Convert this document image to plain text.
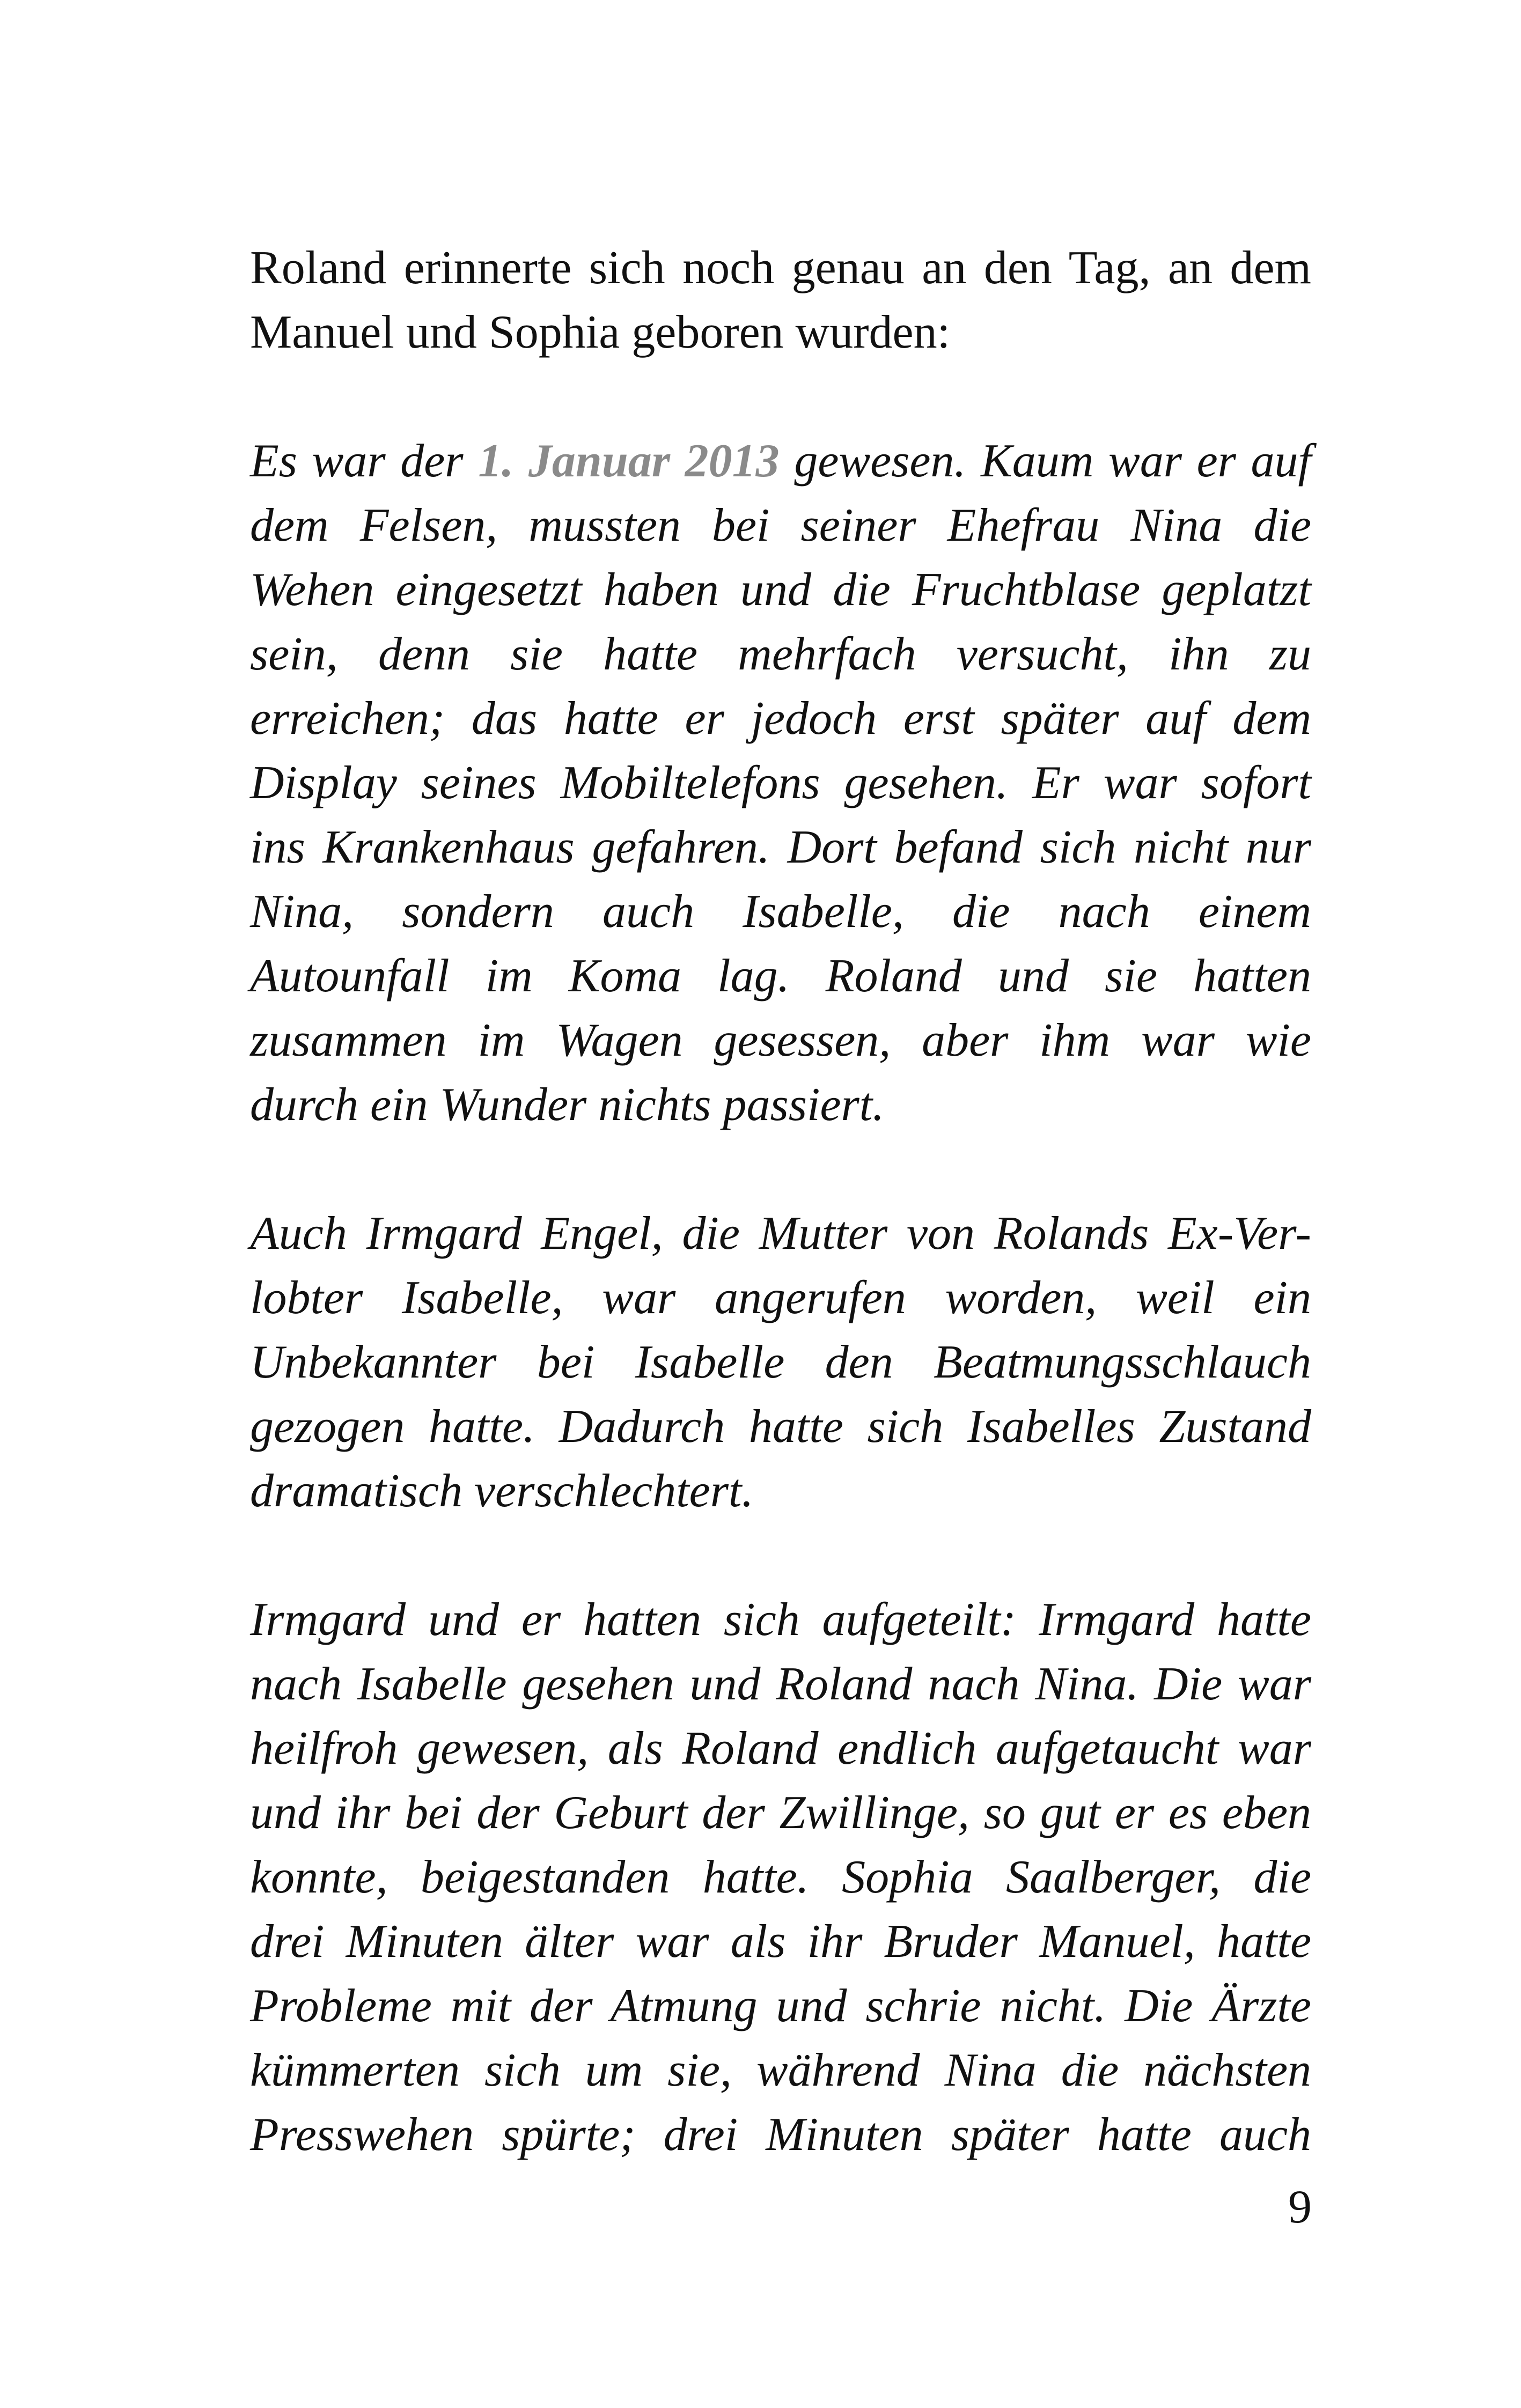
Roland erinnerte sich noch genau an den Tag, an dem
Manuel und Sophia geboren wurden:

Es war der 1. Januar 2013 gewesen. Kaum war er auf
dem Felsen, mussten bei seiner Ehefrau Nina die
Wehen eingesetzt haben und die Fruchtblase geplatzt
sein, denn sie hatte mehrfach versucht, ihn zu
erreichen; das hatte er jedoch erst später auf dem
Display seines Mobiltelefons gesehen. Er war sofort
ins Krankenhaus gefahren. Dort befand sich nicht nur
Nina, sondern auch Isabelle, die nach einem
Autounfall im Koma lag. Roland und sie hatten
zusammen im Wagen gesessen, aber ihm war wie
durch ein Wunder nichts passiert.

Auch Irmgard Engel, die Mutter von Rolands Ex-Ver-
lobter Isabelle, war angerufen worden, weil ein
Unbekannter bei Isabelle den Beatmungsschlauch
gezogen hatte. Dadurch hatte sich Isabelles Zustand
dramatisch verschlechtert.

Irmgard und er hatten sich aufgeteilt: Irmgard hatte
nach Isabelle gesehen und Roland nach Nina. Die war
heilfroh gewesen, als Roland endlich aufgetaucht war
und ihr bei der Geburt der Zwillinge, so gut er es eben
konnte, beigestanden hatte. Sophia Saalberger, die
drei Minuten älter war als ihr Bruder Manuel, hatte
Probleme mit der Atmung und schrie nicht. Die Ärzte
kümmerten sich um sie, während Nina die nächsten
Presswehen spürte; drei Minuten später hatte auch

9
